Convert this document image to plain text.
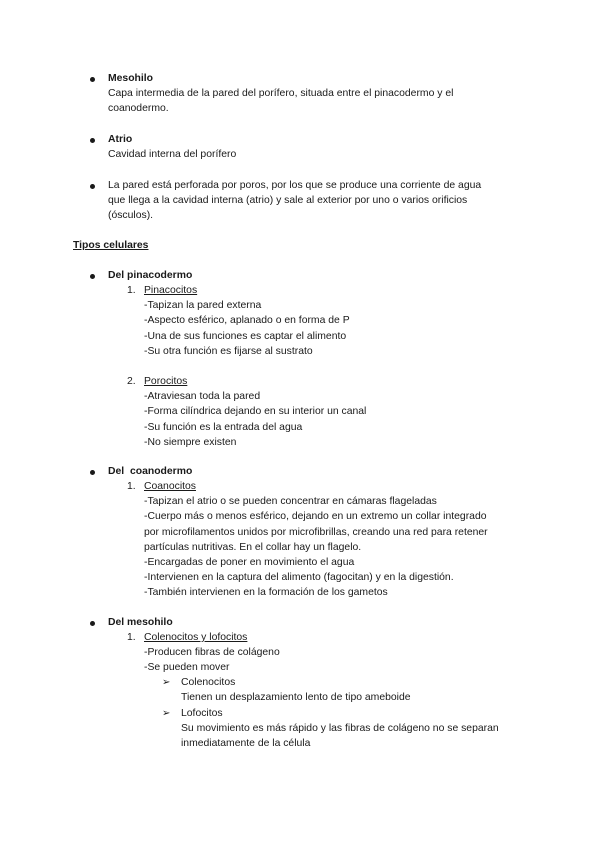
Mesohilo
Capa intermedia de la pared del porífero, situada entre el pinacodermo y el
coanodermo.
Atrio
Cavidad interna del porífero
La pared está perforada por poros, por los que se produce una corriente de agua
que llega a la cavidad interna (atrio) y sale al exterior por uno o varios orificios
(ósculos).
Tipos celulares
Del pinacodermo
1. Pinacocitos
-Tapizan la pared externa
-Aspecto esférico, aplanado o en forma de P
-Una de sus funciones es captar el alimento
-Su otra función es fijarse al sustrato
2. Porocitos
-Atraviesan toda la pared
-Forma cilíndrica dejando en su interior un canal
-Su función es la entrada del agua
-No siempre existen
Del  coanodermo
1. Coanocitos
-Tapizan el atrio o se pueden concentrar en cámaras flageladas
-Cuerpo más o menos esférico, dejando en un extremo un collar integrado
por microfilamentos unidos por microfibrillas, creando una red para retener
partículas nutritivas. En el collar hay un flagelo.
-Encargadas de poner en movimiento el agua
-Intervienen en la captura del alimento (fagocitan) y en la digestión.
-También intervienen en la formación de los gametos
Del mesohilo
1. Colenocitos y lofocitos
-Producen fibras de colágeno
-Se pueden mover
➢ Colenocitos
Tienen un desplazamiento lento de tipo ameboide
➢ Lofocitos
Su movimiento es más rápido y las fibras de colágeno no se separan
inmediatamente de la célula
